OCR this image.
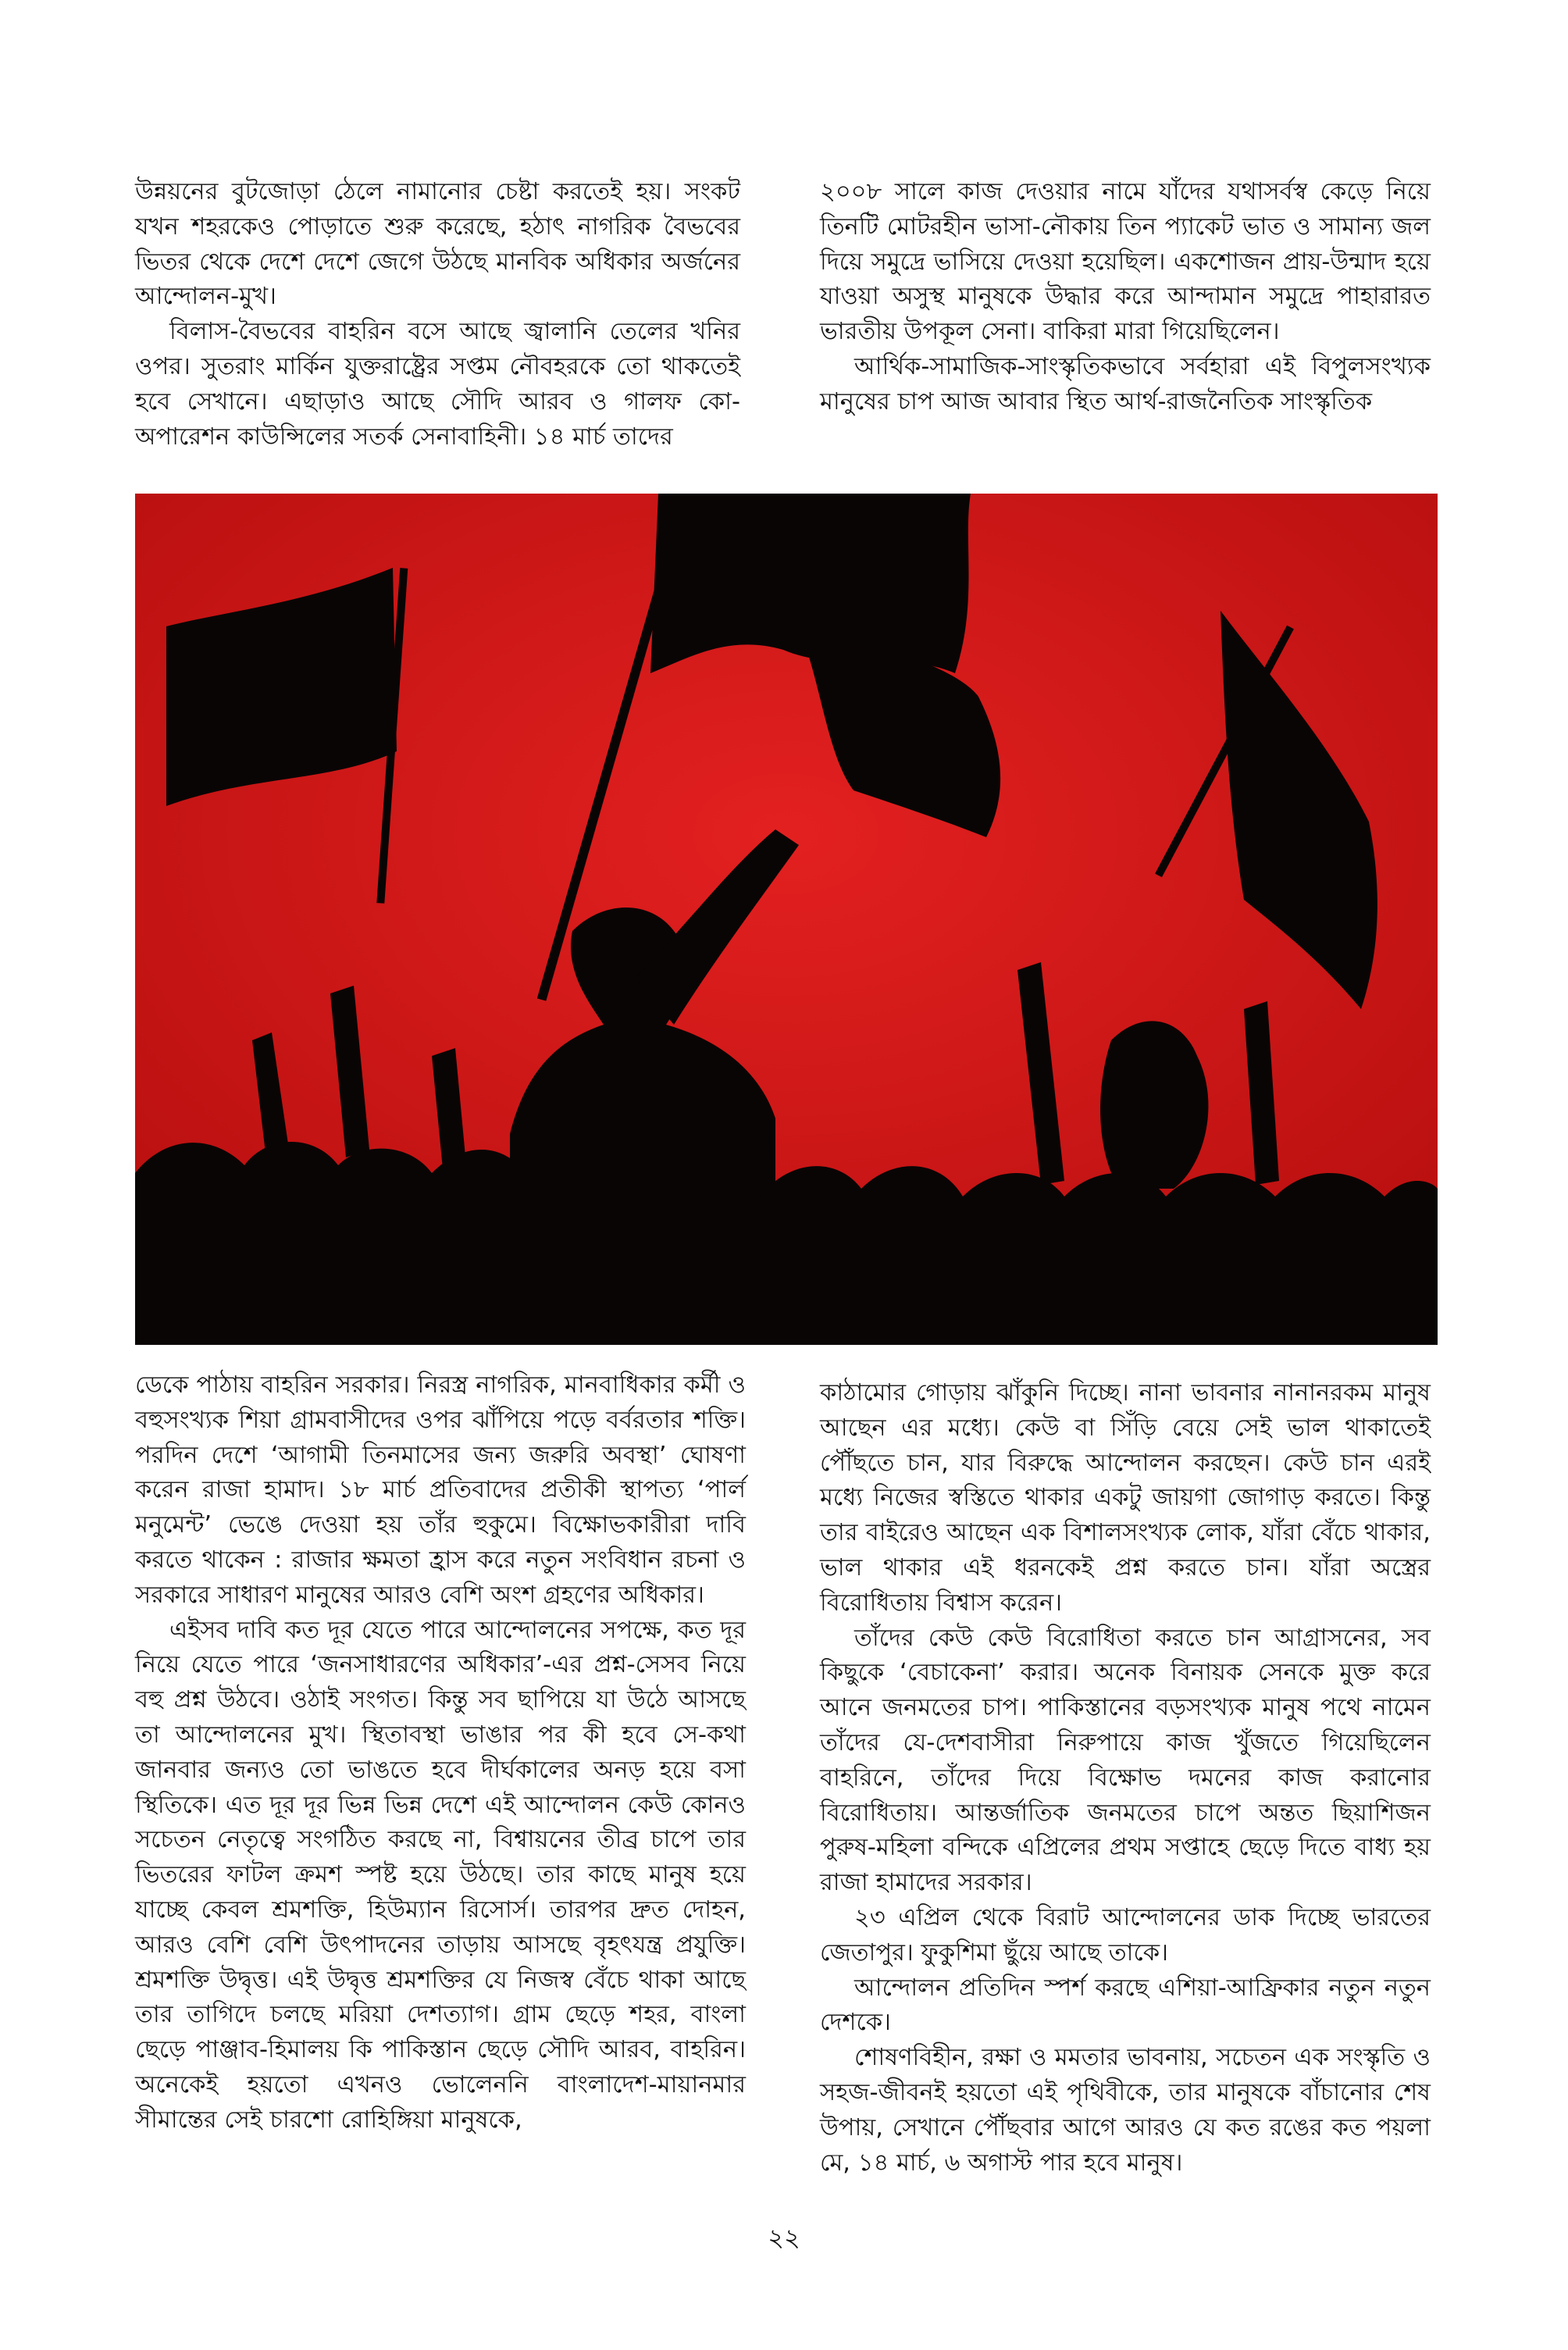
উন্নয়নের বুটজোড়া ঠেলে নামানোর চেষ্টা করতেই হয়। সংকট যখন শহরকেও পোড়াতে শুরু করেছে, হঠাৎ নাগরিক বৈভবের ভিতর থেকে দেশে দেশে জেগে উঠছে মানবিক অধিকার অর্জনের আন্দোলন-মুখ।

বিলাস-বৈভবের বাহরিন বসে আছে জ্বালানি তেলের খনির ওপর। সুতরাং মার্কিন যুক্তরাষ্ট্রের সপ্তম নৌবহরকে তো থাকতেই হবে সেখানে। এছাড়াও আছে সৌদি আরব ও গালফ কো-অপারেশন কাউন্সিলের সতর্ক সেনাবাহিনী। ১৪ মার্চ তাদের

২০০৮ সালে কাজ দেওয়ার নামে যাঁদের যথাসর্বস্ব কেড়ে নিয়ে তিনটি মোটরহীন ভাসা-নৌকায় তিন প্যাকেট ভাত ও সামান্য জল দিয়ে সমুদ্রে ভাসিয়ে দেওয়া হয়েছিল। একশোজন প্রায়-উন্মাদ হয়ে যাওয়া অসুস্থ মানুষকে উদ্ধার করে আন্দামান সমুদ্রে পাহারারত ভারতীয় উপকূল সেনা। বাকিরা মারা গিয়েছিলেন।

আর্থিক-সামাজিক-সাংস্কৃতিকভাবে সর্বহারা এই বিপুলসংখ্যক মানুষের চাপ আজ আবার স্থিত আর্থ-রাজনৈতিক সাংস্কৃতিক

ডেকে পাঠায় বাহরিন সরকার। নিরস্ত্র নাগরিক, মানবাধিকার কর্মী ও বহুসংখ্যক শিয়া গ্রামবাসীদের ওপর ঝাঁপিয়ে পড়ে বর্বরতার শক্তি। পরদিন দেশে ‘আগামী তিনমাসের জন্য জরুরি অবস্থা’ ঘোষণা করেন রাজা হামাদ। ১৮ মার্চ প্রতিবাদের প্রতীকী স্থাপত্য ‘পার্ল মনুমেন্ট’ ভেঙে দেওয়া হয় তাঁর হুকুমে। বিক্ষোভকারীরা দাবি করতে থাকেন : রাজার ক্ষমতা হ্রাস করে নতুন সংবিধান রচনা ও সরকারে সাধারণ মানুষের আরও বেশি অংশ গ্রহণের অধিকার।

এইসব দাবি কত দূর যেতে পারে আন্দোলনের সপক্ষে, কত দূর নিয়ে যেতে পারে ‘জনসাধারণের অধিকার’-এর প্রশ্ন-সেসব নিয়ে বহু প্রশ্ন উঠবে। ওঠাই সংগত। কিন্তু সব ছাপিয়ে যা উঠে আসছে তা আন্দোলনের মুখ। স্থিতাবস্থা ভাঙার পর কী হবে সে-কথা জানবার জন্যও তো ভাঙতে হবে দীর্ঘকালের অনড় হয়ে বসা স্থিতিকে। এত দূর দূর ভিন্ন ভিন্ন দেশে এই আন্দোলন কেউ কোনও সচেতন নেতৃত্বে সংগঠিত করছে না, বিশ্বায়নের তীব্র চাপে তার ভিতরের ফাটল ক্রমশ স্পষ্ট হয়ে উঠছে। তার কাছে মানুষ হয়ে যাচ্ছে কেবল শ্রমশক্তি, হিউম্যান রিসোর্স। তারপর দ্রুত দোহন, আরও বেশি বেশি উৎপাদনের তাড়ায় আসছে বৃহৎযন্ত্র প্রযুক্তি। শ্রমশক্তি উদ্বৃত্ত। এই উদ্বৃত্ত শ্রমশক্তির যে নিজস্ব বেঁচে থাকা আছে তার তাগিদে চলছে মরিয়া দেশত্যাগ। গ্রাম ছেড়ে শহর, বাংলা ছেড়ে পাঞ্জাব-হিমালয় কি পাকিস্তান ছেড়ে সৌদি আরব, বাহরিন। অনেকেই হয়তো এখনও ভোলেননি বাংলাদেশ-মায়ানমার সীমান্তের সেই চারশো রোহিঙ্গিয়া মানুষকে,

কাঠামোর গোড়ায় ঝাঁকুনি দিচ্ছে। নানা ভাবনার নানানরকম মানুষ আছেন এর মধ্যে। কেউ বা সিঁড়ি বেয়ে সেই ভাল থাকাতেই পৌঁছতে চান, যার বিরুদ্ধে আন্দোলন করছেন। কেউ চান এরই মধ্যে নিজের স্বস্তিতে থাকার একটু জায়গা জোগাড় করতে। কিন্তু তার বাইরেও আছেন এক বিশালসংখ্যক লোক, যাঁরা বেঁচে থাকার, ভাল থাকার এই ধরনকেই প্রশ্ন করতে চান। যাঁরা অস্ত্রের বিরোধিতায় বিশ্বাস করেন।

তাঁদের কেউ কেউ বিরোধিতা করতে চান আগ্রাসনের, সব কিছুকে ‘বেচাকেনা’ করার। অনেক বিনায়ক সেনকে মুক্ত করে আনে জনমতের চাপ। পাকিস্তানের বড়সংখ্যক মানুষ পথে নামেন তাঁদের যে-দেশবাসীরা নিরুপায়ে কাজ খুঁজতে গিয়েছিলেন বাহরিনে, তাঁদের দিয়ে বিক্ষোভ দমনের কাজ করানোর বিরোধিতায়। আন্তর্জাতিক জনমতের চাপে অন্তত ছিয়াশিজন পুরুষ-মহিলা বন্দিকে এপ্রিলের প্রথম সপ্তাহে ছেড়ে দিতে বাধ্য হয় রাজা হামাদের সরকার।

২৩ এপ্রিল থেকে বিরাট আন্দোলনের ডাক দিচ্ছে ভারতের জেতাপুর। ফুকুশিমা ছুঁয়ে আছে তাকে।

আন্দোলন প্রতিদিন স্পর্শ করছে এশিয়া-আফ্রিকার নতুন নতুন দেশকে।

শোষণবিহীন, রক্ষা ও মমতার ভাবনায়, সচেতন এক সংস্কৃতি ও সহজ-জীবনই হয়তো এই পৃথিবীকে, তার মানুষকে বাঁচানোর শেষ উপায়, সেখানে পৌঁছবার আগে আরও যে কত রঙের কত পয়লা মে, ১৪ মার্চ, ৬ অগাস্ট পার হবে মানুষ।

২২
